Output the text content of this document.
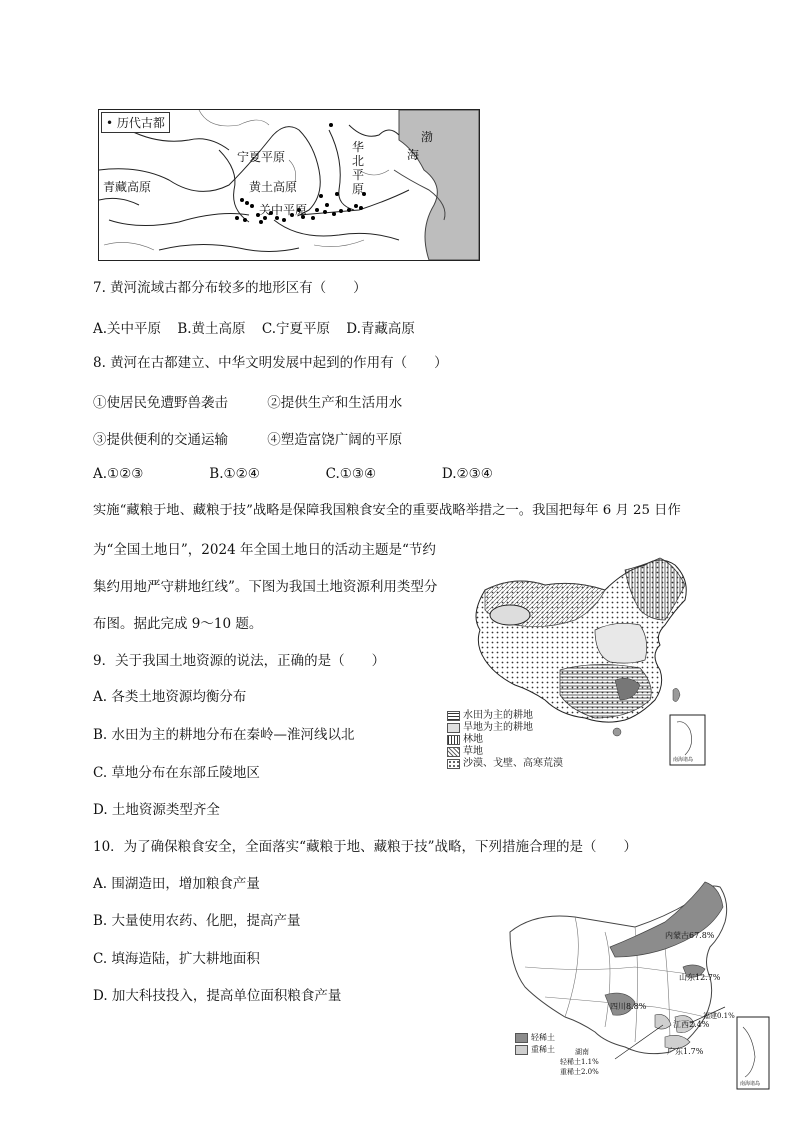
• 历代古都
青藏高原
宁夏平原
黄土高原
关中平原
华
北
平
原
渤
海
7. 黄河流域古都分布较多的地形区有（　　）
A.关中平原 B.黄土高原 C.宁夏平原 D.青藏高原
8. 黄河在古都建立、中华文明发展中起到的作用有（　　）
①使居民免遭野兽袭击	②提供生产和生活用水
③提供便利的交通运输	④塑造富饶广阔的平原
A.①②③	B.①②④	C.①③④	D.②③④
实施“藏粮于地、藏粮于技”战略是保障我国粮食安全的重要战略举措之一。我国把每年 6 月 25 日作
为“全国土地日”，2024 年全国土地日的活动主题是“节约
集约用地严守耕地红线”。下图为我国土地资源利用类型分
布图。据此完成 9～10 题。
南海诸岛
水田为主的耕地
旱地为主的耕地
林地
草地
沙漠、戈壁、高寒荒漠
9．关于我国土地资源的说法，正确的是（　　）
A. 各类土地资源均衡分布
B. 水田为主的耕地分布在秦岭—淮河线以北
C. 草地分布在东部丘陵地区
D. 土地资源类型齐全
10．为了确保粮食安全，全面落实“藏粮于地、藏粮于技”战略，下列措施合理的是（　　）
A. 围湖造田，增加粮食产量
B. 大量使用农药、化肥，提高产量
C. 填海造陆，扩大耕地面积
D. 加大科技投入，提高单位面积粮食产量
南海诸岛
内蒙古67.8%
山东12.7%
四川8.8%
江西2.4%
福建0.1%
广东1.7%
湖南
轻稀土1.1%
重稀土2.0%
轻稀土
重稀土
